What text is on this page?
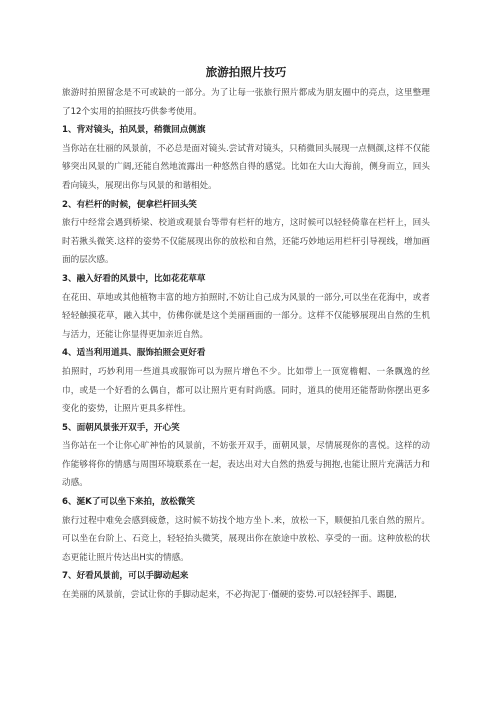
旅游拍照片技巧

旅游时拍照留念是不可或缺的一部分。为了让每一张旅行照片都成为朋友圈中的亮点，这里整理了12个实用的拍照技巧供参考使用。

1、背对镜头，拍风景，稍微回点侧旗

当你站在壮丽的风景前，不必总是面对镜头.尝试背对镜头，只稍微回头展现一点侧颜,这样不仅能够突出风景的广阔,还能自然地流露出一种悠然自得的感觉。比如在大山大海前，侧身而立，回头看向镜头，展现出你与风景的和谐相处。

2、有栏杆的时候，便拿栏杆回头笑

旅行中经常会遇到桥梁、校道或观景台等带有栏杆的地方，这时候可以轻轻倚靠在栏杆上，回头时若揪头微笑.这样的姿势不仅能展现出你的放松和自然，还能巧妙地运用栏杆引导视线，增加画面的层次感。

3、融入好看的风景中，比如花花草草

在花田、草地或其他植物丰富的地方拍照时,不妨让自己成为风景的一部分,可以坐在花海中，或者轻轻触摸花草，融入其中，仿佛你就是这个美丽画面的一部分。这样不仅能够展现出自然的生机与活力，还能让你显得更加亲近自然。

4、适当利用道具、服饰拍照会更好看

拍照时，巧妙利用一些道具或服饰可以为照片增色不少。比如带上一顶宽檐帽、一条飘逸的丝巾，或是一个好看的么偶自，都可以让照片更有时尚感。同时，道具的使用还能帮助你摆出更多变化的姿势，让照片更具多样性。

5、面朝风景张开双手，开心笑

当你站在一个让你心旷神怡的风景前，不妨张开双手，面朝风景，尽情展现你的喜悦。这样的动作能够将你的情感与周围环境联系在一起，表达出对大自然的热爱与拥抱,也能让照片充满活力和动感。

6、涎K了可以坐下来拍，放松微笑

旅行过程中难免会感到疲惫，这时候不妨找个地方坐卜.来，放松一下，顺便拍几张自然的照片。可以坐在台阶上、石竞上，轻轻抬头微笑，展现出你在旅途中放松、享受的一面。这种放松的状态更能让照片传达出H实的情感。

7、好看风景前，可以手脚动起来

在美丽的风景前，尝试让你的手脚动起来，不必拘泥丁·僵硬的姿势.可以轻轻挥手、踢腿,
